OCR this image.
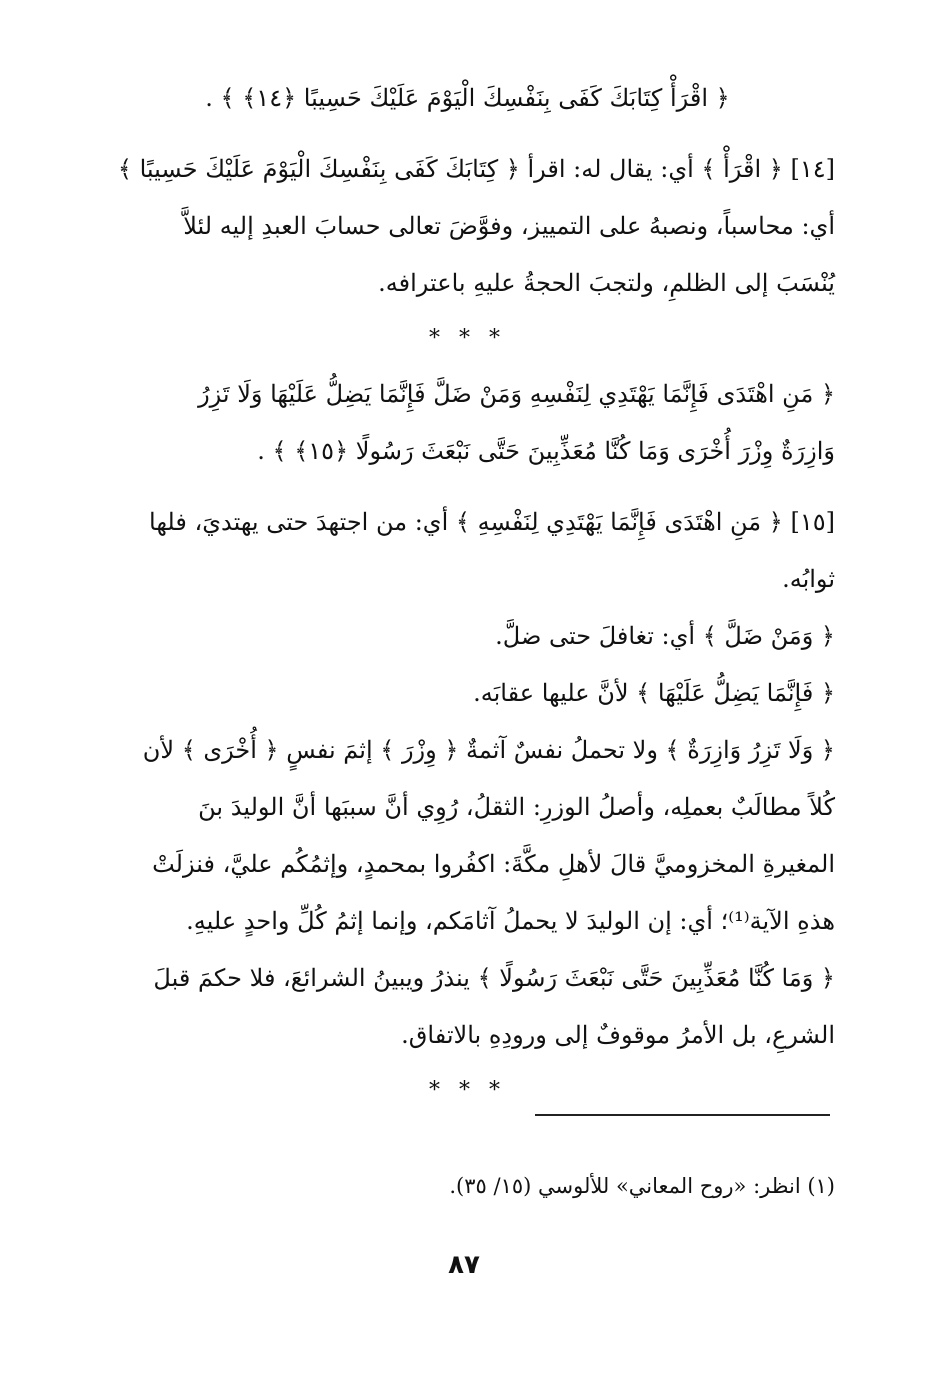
﴿ اقْرَأْ كِتَابَكَ كَفَى بِنَفْسِكَ الْيَوْمَ عَلَيْكَ حَسِيبًا ﴿١٤﴾ ﴾ .

[١٤] ﴿ اقْرَأْ ﴾ أي: يقال له: اقرأ ﴿ كِتَابَكَ كَفَى بِنَفْسِكَ الْيَوْمَ عَلَيْكَ حَسِيبًا ﴾

أي: محاسباً، ونصبهُ على التمييز، وفوَّضَ تعالى حسابَ العبدِ إليه لئلاَّ

يُنْسَبَ إلى الظلمِ، ولتجبَ الحجةُ عليهِ باعترافه.

* * *

﴿ مَنِ اهْتَدَى فَإِنَّمَا يَهْتَدِي لِنَفْسِهِ وَمَنْ ضَلَّ فَإِنَّمَا يَضِلُّ عَلَيْهَا وَلَا تَزِرُ

وَازِرَةٌ وِزْرَ أُخْرَى وَمَا كُنَّا مُعَذِّبِينَ حَتَّى نَبْعَثَ رَسُولًا ﴿١٥﴾ ﴾ .

[١٥] ﴿ مَنِ اهْتَدَى فَإِنَّمَا يَهْتَدِي لِنَفْسِهِ ﴾ أي: من اجتهدَ حتى يهتديَ، فلها

ثوابُه.

﴿ وَمَنْ ضَلَّ ﴾ أي: تغافلَ حتى ضلَّ.

﴿ فَإِنَّمَا يَضِلُّ عَلَيْهَا ﴾ لأنَّ عليها عقابَه.

﴿ وَلَا تَزِرُ وَازِرَةٌ ﴾ ولا تحملُ نفسٌ آثمةٌ ﴿ وِزْرَ ﴾ إثمَ نفسٍ ﴿ أُخْرَى ﴾ لأن

كُلاً مطالَبٌ بعملِه، وأصلُ الوزرِ: الثقلُ، رُوِي أنَّ سببَها أنَّ الوليدَ بنَ

المغيرةِ المخزوميَّ قالَ لأهلِ مكَّةَ: اكفُروا بمحمدٍ، وإثمُكُم عليَّ، فنزلَتْ

هذهِ الآية⁽¹⁾؛ أي: إن الوليدَ لا يحملُ آثامَكم، وإنما إثمُ كُلِّ واحدٍ عليهِ.

﴿ وَمَا كُنَّا مُعَذِّبِينَ حَتَّى نَبْعَثَ رَسُولًا ﴾ ينذرُ ويبينُ الشرائعَ، فلا حكمَ قبلَ

الشرعِ، بل الأمرُ موقوفٌ إلى ورودِهِ بالاتفاق.

* * *

(١) انظر: «روح المعاني» للألوسي (١٥/ ٣٥).

٨٧
